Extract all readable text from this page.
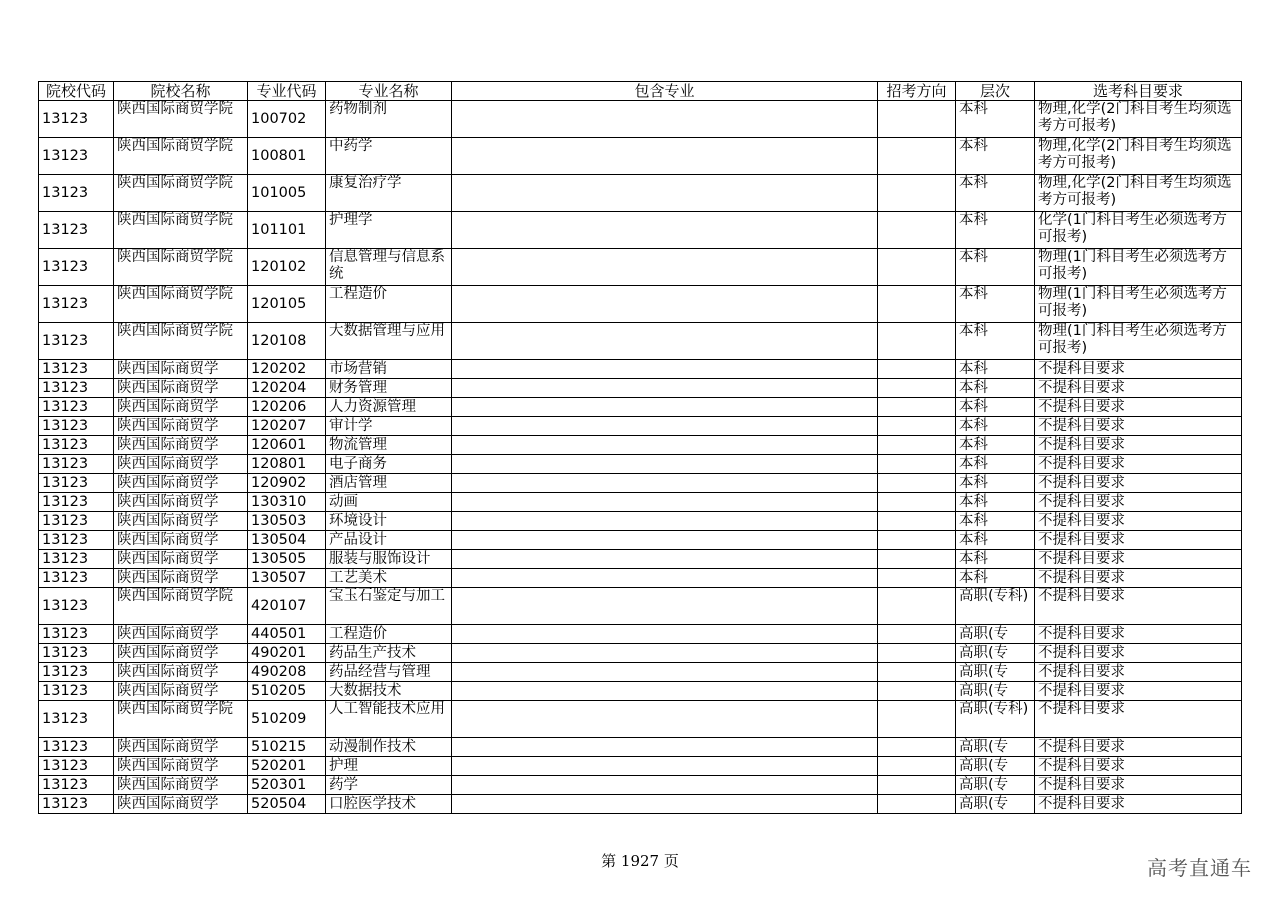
院校代码	院校名称	专业代码	专业名称	包含专业	招考方向	层次	选考科目要求
13123	陕西国际商贸学院	100702	药物制剂			本科	物理,化学(2门科目考生均须选考方可报考)
13123	陕西国际商贸学院	100801	中药学			本科	物理,化学(2门科目考生均须选考方可报考)
13123	陕西国际商贸学院	101005	康复治疗学			本科	物理,化学(2门科目考生均须选考方可报考)
13123	陕西国际商贸学院	101101	护理学			本科	化学(1门科目考生必须选考方可报考)
13123	陕西国际商贸学院	120102	信息管理与信息系统			本科	物理(1门科目考生必须选考方可报考)
13123	陕西国际商贸学院	120105	工程造价			本科	物理(1门科目考生必须选考方可报考)
13123	陕西国际商贸学院	120108	大数据管理与应用			本科	物理(1门科目考生必须选考方可报考)
13123	陕西国际商贸学	120202	市场营销			本科	不提科目要求
13123	陕西国际商贸学	120204	财务管理			本科	不提科目要求
13123	陕西国际商贸学	120206	人力资源管理			本科	不提科目要求
13123	陕西国际商贸学	120207	审计学			本科	不提科目要求
13123	陕西国际商贸学	120601	物流管理			本科	不提科目要求
13123	陕西国际商贸学	120801	电子商务			本科	不提科目要求
13123	陕西国际商贸学	120902	酒店管理			本科	不提科目要求
13123	陕西国际商贸学	130310	动画			本科	不提科目要求
13123	陕西国际商贸学	130503	环境设计			本科	不提科目要求
13123	陕西国际商贸学	130504	产品设计			本科	不提科目要求
13123	陕西国际商贸学	130505	服装与服饰设计			本科	不提科目要求
13123	陕西国际商贸学	130507	工艺美术			本科	不提科目要求
13123	陕西国际商贸学院	420107	宝玉石鉴定与加工			高职(专科)	不提科目要求
13123	陕西国际商贸学	440501	工程造价			高职(专	不提科目要求
13123	陕西国际商贸学	490201	药品生产技术			高职(专	不提科目要求
13123	陕西国际商贸学	490208	药品经营与管理			高职(专	不提科目要求
13123	陕西国际商贸学	510205	大数据技术			高职(专	不提科目要求
13123	陕西国际商贸学院	510209	人工智能技术应用			高职(专科)	不提科目要求
13123	陕西国际商贸学	510215	动漫制作技术			高职(专	不提科目要求
13123	陕西国际商贸学	520201	护理			高职(专	不提科目要求
13123	陕西国际商贸学	520301	药学			高职(专	不提科目要求
13123	陕西国际商贸学	520504	口腔医学技术			高职(专	不提科目要求
第 1927 页	高考直通车
